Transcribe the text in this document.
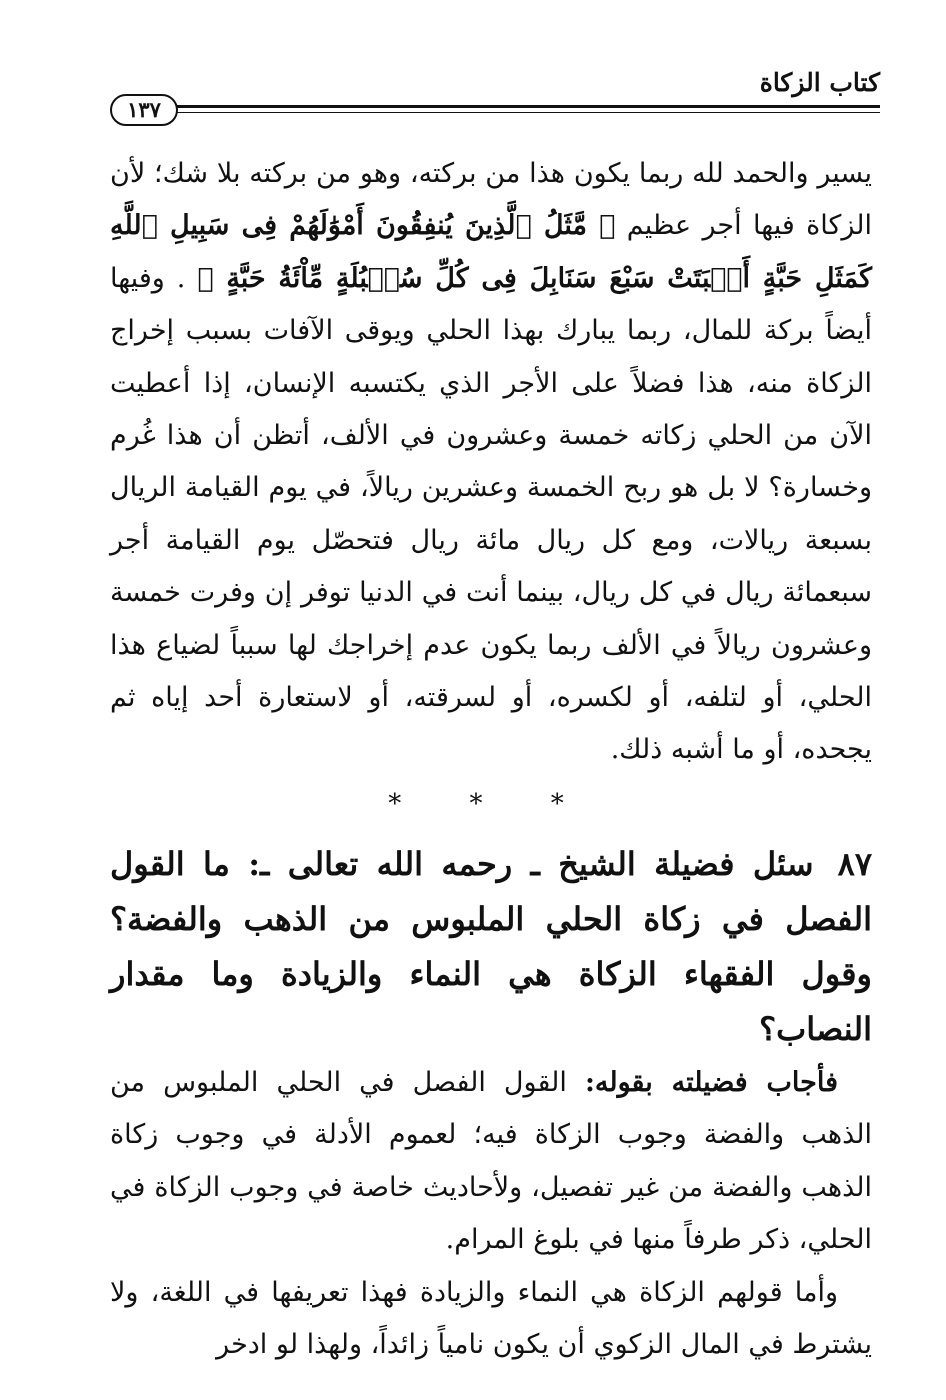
كتاب الزكاة
١٣٧

يسير والحمد لله ربما يكون هذا من بركته، وهو من بركته بلا شك؛ لأن الزكاة فيها أجر عظيم ﴿ مَّثَلُ ٱلَّذِينَ يُنفِقُونَ أَمْوَٰلَهُمْ فِى سَبِيلِ ٱللَّهِ كَمَثَلِ حَبَّةٍ أَنۢبَتَتْ سَبْعَ سَنَابِلَ فِى كُلِّ سُنۢبُلَةٍ مِّاْئَةُ حَبَّةٍ ﴾ . وفيها أيضاً بركة للمال، ربما يبارك بهذا الحلي ويوقى الآفات بسبب إخراج الزكاة منه، هذا فضلاً على الأجر الذي يكتسبه الإنسان، إذا أعطيت الآن من الحلي زكاته خمسة وعشرون في الألف، أتظن أن هذا غُرم وخسارة؟ لا بل هو ربح الخمسة وعشرين ريالاً، في يوم القيامة الريال بسبعة ريالات، ومع كل ريال مائة ريال فتحصّل يوم القيامة أجر سبعمائة ريال في كل ريال، بينما أنت في الدنيا توفر إن وفرت خمسة وعشرون ريالاً في الألف ربما يكون عدم إخراجك لها سبباً لضياع هذا الحلي، أو لتلفه، أو لكسره، أو لسرقته، أو لاستعارة أحد إياه ثم يجحده، أو ما أشبه ذلك.

* * *

٨٧سئل فضيلة الشيخ ـ رحمه الله تعالى ـ: ما القول الفصل في زكاة الحلي الملبوس من الذهب والفضة؟ وقول الفقهاء الزكاة هي النماء والزيادة وما مقدار النصاب؟

فأجاب فضيلته بقوله: القول الفصل في الحلي الملبوس من الذهب والفضة وجوب الزكاة فيه؛ لعموم الأدلة في وجوب زكاة الذهب والفضة من غير تفصيل، ولأحاديث خاصة في وجوب الزكاة في الحلي، ذكر طرفاً منها في بلوغ المرام.

وأما قولهم الزكاة هي النماء والزيادة فهذا تعريفها في اللغة، ولا يشترط في المال الزكوي أن يكون نامياً زائداً، ولهذا لو ادخر
